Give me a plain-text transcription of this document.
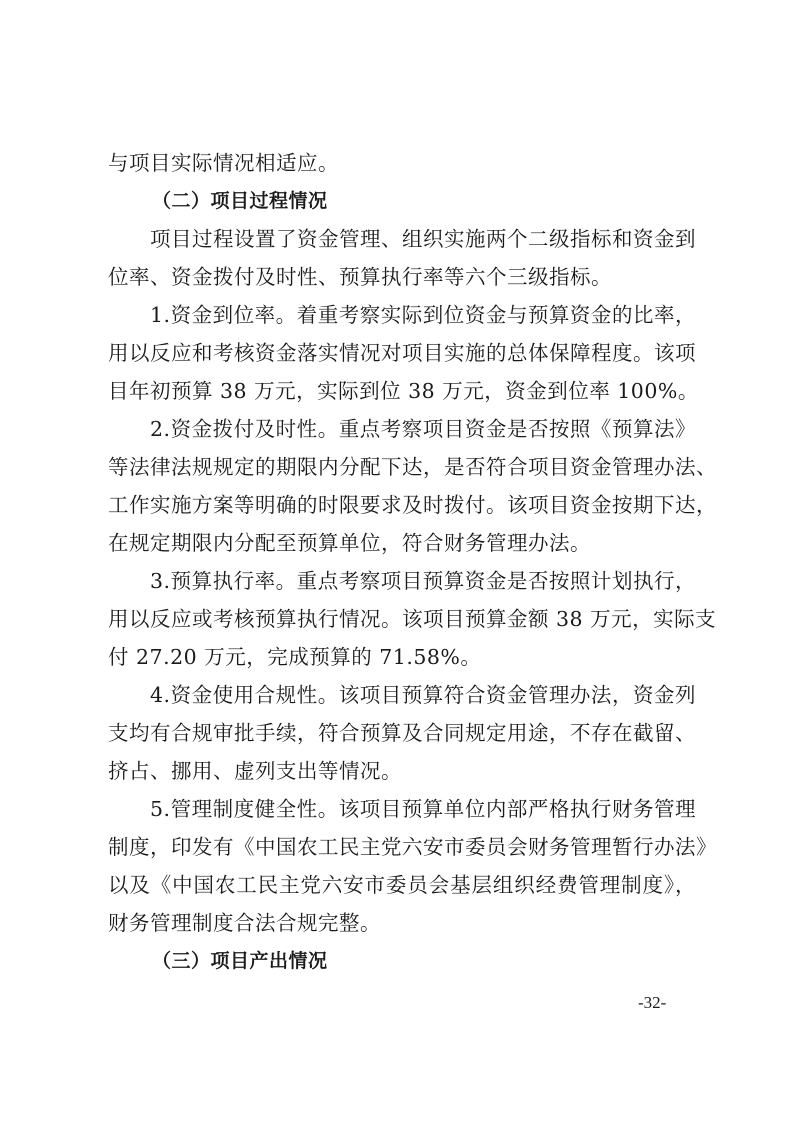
与项目实际情况相适应。

（二）项目过程情况

项目过程设置了资金管理、组织实施两个二级指标和资金到

位率、资金拨付及时性、预算执行率等六个三级指标。

1.资金到位率。着重考察实际到位资金与预算资金的比率，

用以反应和考核资金落实情况对项目实施的总体保障程度。该项

目年初预算 38 万元，实际到位 38 万元，资金到位率 100%。

2.资金拨付及时性。重点考察项目资金是否按照《预算法》

等法律法规规定的期限内分配下达，是否符合项目资金管理办法、

工作实施方案等明确的时限要求及时拨付。该项目资金按期下达，

在规定期限内分配至预算单位，符合财务管理办法。

3.预算执行率。重点考察项目预算资金是否按照计划执行，

用以反应或考核预算执行情况。该项目预算金额 38 万元，实际支

付 27.20 万元，完成预算的 71.58%。

4.资金使用合规性。该项目预算符合资金管理办法，资金列

支均有合规审批手续，符合预算及合同规定用途，不存在截留、

挤占、挪用、虚列支出等情况。

5.管理制度健全性。该项目预算单位内部严格执行财务管理

制度，印发有《中国农工民主党六安市委员会财务管理暂行办法》

以及《中国农工民主党六安市委员会基层组织经费管理制度》，

财务管理制度合法合规完整。

（三）项目产出情况

-32-
